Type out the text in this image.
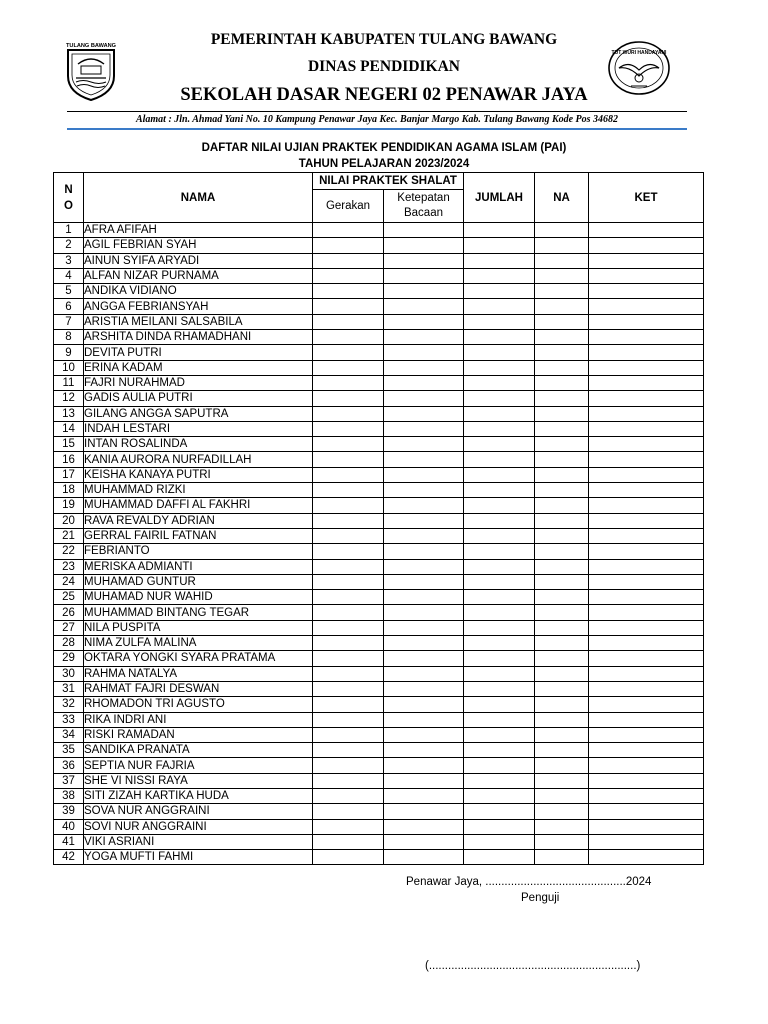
TULANG BAWANG
TUT WURI HANDAYANI
PEMERINTAH KABUPATEN TULANG BAWANG
DINAS PENDIDIKAN
SEKOLAH DASAR NEGERI 02 PENAWAR JAYA
Alamat : Jln. Ahmad Yani No. 10 Kampung Penawar Jaya Kec. Banjar Margo Kab. Tulang Bawang Kode Pos 34682
DAFTAR NILAI UJIAN PRAKTEK PENDIDIKAN AGAMA ISLAM (PAI)
TAHUN PELAJARAN 2023/2024
N O	NAMA	NILAI PRAKTEK SHALAT		JUMLAH	NA	KET
		Gerakan	Ketepatan Bacaan			
1	AFRA AFIFAH					
2	AGIL FEBRIAN SYAH					
3	AINUN SYIFA ARYADI					
4	ALFAN NIZAR PURNAMA					
5	ANDIKA VIDIANO					
6	ANGGA FEBRIANSYAH					
7	ARISTIA MEILANI SALSABILA					
8	ARSHITA DINDA RHAMADHANI					
9	DEVITA PUTRI					
10	ERINA KADAM					
11	FAJRI NURAHMAD					
12	GADIS AULIA PUTRI					
13	GILANG ANGGA SAPUTRA					
14	INDAH LESTARI					
15	INTAN ROSALINDA					
16	KANIA AURORA NURFADILLAH					
17	KEISHA KANAYA PUTRI					
18	MUHAMMAD RIZKI					
19	MUHAMMAD DAFFI AL FAKHRI					
20	RAVA REVALDY ADRIAN					
21	GERRAL FAIRIL FATNAN					
22	FEBRIANTO					
23	MERISKA ADMIANTI					
24	MUHAMAD GUNTUR					
25	MUHAMAD NUR WAHID					
26	MUHAMMAD BINTANG TEGAR					
27	NILA PUSPITA					
28	NIMA ZULFA MALINA					
29	OKTARA YONGKI SYARA PRATAMA					
30	RAHMA NATALYA					
31	RAHMAT FAJRI DESWAN					
32	RHOMADON TRI AGUSTO					
33	RIKA INDRI ANI					
34	RISKI RAMADAN					
35	SANDIKA PRANATA					
36	SEPTIA NUR FAJRIA					
37	SHE VI NISSI RAYA					
38	SITI ZIZAH KARTIKA HUDA					
39	SOVA NUR ANGGRAINI					
40	SOVI NUR ANGGRAINI					
41	VIKI ASRIANI					
42	YOGA MUFTI FAHMI					
Penawar Jaya, ............................................2024
Penguji
(.................................................................)
